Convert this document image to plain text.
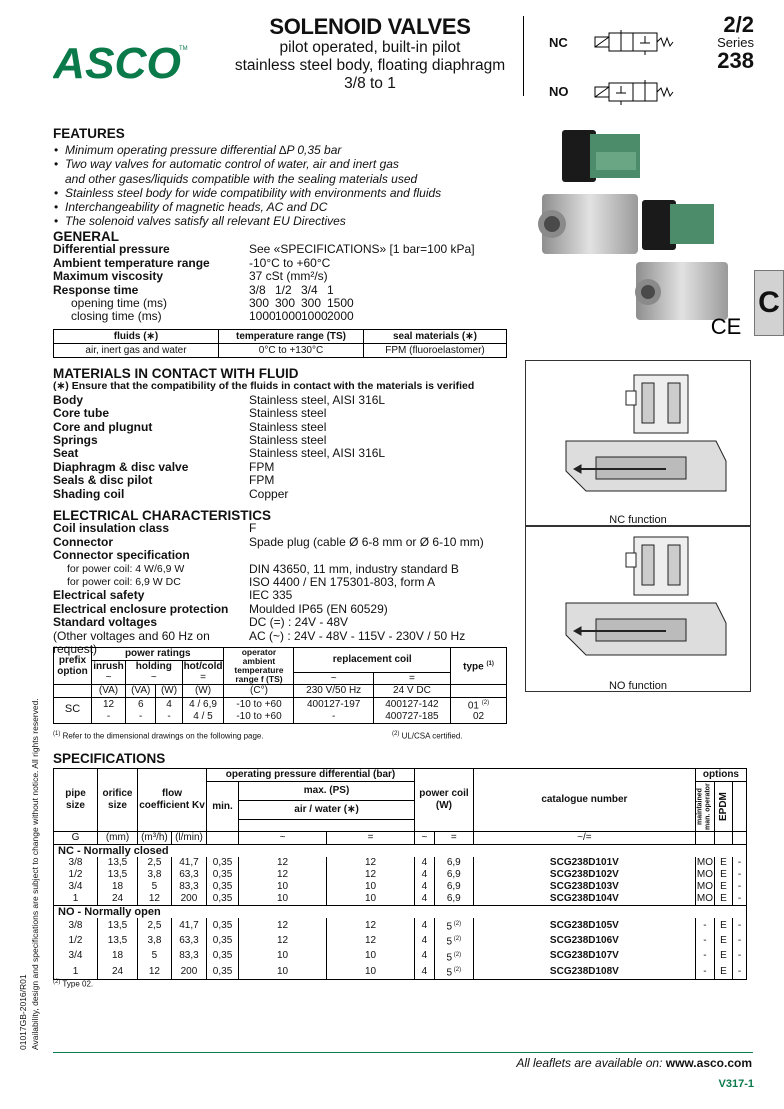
ASCO
TM
SOLENOID VALVES
pilot operated, built-in pilot
stainless steel body, floating diaphragm
3/8 to 1
NC
NO
2/2
Series
238
FEATURES
• Minimum operating pressure differential ∆P 0,35 bar
• Two way valves for automatic control of water, air and inert gas
and other gases/liquids compatible with the sealing materials used
• Stainless steel body for wide compatibility with environments and fluids
• Interchangeability of magnetic heads, AC and DC
• The solenoid valves satisfy all relevant EU Directives
GENERAL
Differential pressure	See «SPECIFICATIONS» [1 bar=100 kPa]
Ambient temperature range	-10°C to +60°C
Maximum viscosity	37 cSt (mm²/s)
Response time	3/8 1/2 3/4 1
opening time (ms)	300 300 300 1500
closing time (ms)	1000 1000 1000 2000
fluids (∗)	temperature range (TS)	seal materials (∗)
air, inert gas and water	0°C to +130°C	FPM (fluoroelastomer)
MATERIALS IN CONTACT WITH FLUID
(∗) Ensure that the compatibility of the fluids in contact with the materials is verified
Body	Stainless steel, AISI 316L
Core tube	Stainless steel
Core and plugnut	Stainless steel
Springs	Stainless steel
Seat	Stainless steel, AISI 316L
Diaphragm & disc valve	FPM
Seals & disc pilot	FPM
Shading coil	Copper
ELECTRICAL CHARACTERISTICS
Coil insulation class	F
Connector	Spade plug (cable Ø 6-8 mm or Ø 6-10 mm)
Connector specification
for power coil: 4 W/6,9 W	DIN 43650, 11 mm, industry standard B
for power coil: 6,9 W DC	ISO 4400 / EN 175301-803, form A
Electrical safety	IEC 335
Electrical enclosure protection	Moulded IP65 (EN 60529)
Standard voltages	DC (=) : 24V - 48V
(Other voltages and 60 Hz on request)
AC (~) : 24V - 48V - 115V - 230V / 50 Hz
prefix option	power ratings				operator ambient temperature range f (TS)	replacement coil		type $^{(1)}$
	inrush	holding		hot/cold				
	~	~		=		~	=	
	(VA)	(VA)	(W)	(W)	(C°)	230 V/50 Hz	24 V DC	
SC	12	6	4	4 / 6,9	-10 to +60	400127-197	400127-142	01 $^{(2)}$
	-	-	-	4 / 5	-10 to +60	-	400727-185	02
$^{(1)}$ Refer to the dimensional drawings on the following page.	$^{(2)}$ UL/CSA certified.
CE
C
NC function
NO function
SPECIFICATIONS
pipe size	orifice size	flow coefficient Kv		operating pressure differential (bar)			power coil (W)		catalogue number	options		
				min.	max. (PS)					maintained man. operator	EPDM	
					air / water (∗)							

G	(mm)	(m³/h)	(l/min)		~	=	~	=	~/=			
NC - Normally closed												
3/8	13,5	2,5	41,7	0,35	12	12	4	6,9	SCG238D101V	MO	E	-
1/2	13,5	3,8	63,3	0,35	12	12	4	6,9	SCG238D102V	MO	E	-
3/4	18	5	83,3	0,35	10	10	4	6,9	SCG238D103V	MO	E	-
1	24	12	200	0,35	10	10	4	6,9	SCG238D104V	MO	E	-
NO - Normally open												
3/8	13,5	2,5	41,7	0,35	12	12	4	5 $^{(2)}$	SCG238D105V	-	E	-
1/2	13,5	3,8	63,3	0,35	12	12	4	5 $^{(2)}$	SCG238D106V	-	E	-
3/4	18	5	83,3	0,35	10	10	4	5 $^{(2)}$	SCG238D107V	-	E	-
1	24	12	200	0,35	10	10	4	5 $^{(2)}$	SCG238D108V	-	E	-
$^{(2)}$ Type 02.
Availability, design and specifications are subject to change without notice. All rights reserved.
01017GB-2016/R01
All leaflets are available on: www.asco.com
V317-1
